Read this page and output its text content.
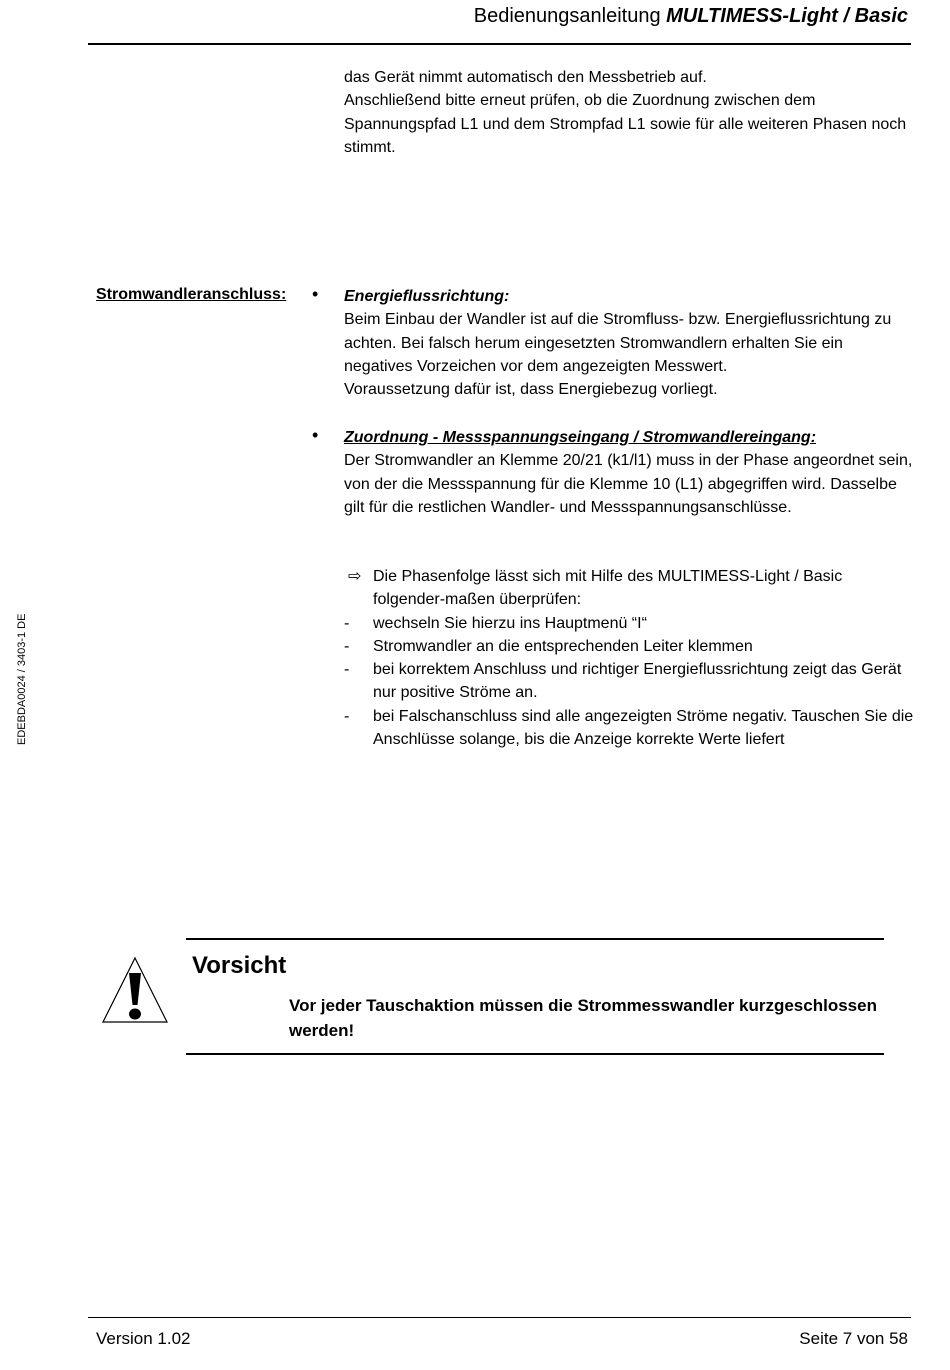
Bedienungsanleitung MULTIMESS-Light / Basic

das Gerät nimmt automatisch den Messbetrieb auf.

Anschließend bitte erneut prüfen, ob die Zuordnung zwischen dem Spannungspfad L1 und dem Strompfad L1 sowie für alle weiteren Phasen noch stimmt.

Stromwandleranschluss: • Energieflussrichtung:

Beim Einbau der Wandler ist auf die Stromfluss- bzw. Energieflussrichtung zu achten. Bei falsch herum eingesetzten Stromwandlern erhalten Sie ein negatives Vorzeichen vor dem angezeigten Messwert.

Voraussetzung dafür ist, dass Energiebezug vorliegt.

• Zuordnung - Messspannungseingang / Stromwandlereingang:

Der Stromwandler an Klemme 20/21 (k1/l1) muss in der Phase angeordnet sein, von der die Messspannung für die Klemme 10 (L1) abgegriffen wird. Dasselbe gilt für die restlichen Wandler- und Messspannungsanschlüsse.

⇨ Die Phasenfolge lässt sich mit Hilfe des MULTIMESS-Light / Basic folgender-maßen überprüfen:
-	wechseln Sie hierzu ins Hauptmenü “I“
-	Stromwandler an die entsprechenden Leiter klemmen
-	bei korrektem Anschluss und richtiger Energieflussrichtung zeigt das Gerät nur positive Ströme an.
-	bei Falschanschluss sind alle angezeigten Ströme negativ. Tauschen Sie die Anschlüsse solange, bis die Anzeige korrekte Werte liefert
EDEBDA0024 / 3403-1 DE
Vorsicht
Vor jeder Tauschaktion müssen die Strommesswandler kurzgeschlossen werden!
Version 1.02	Seite 7 von 58
